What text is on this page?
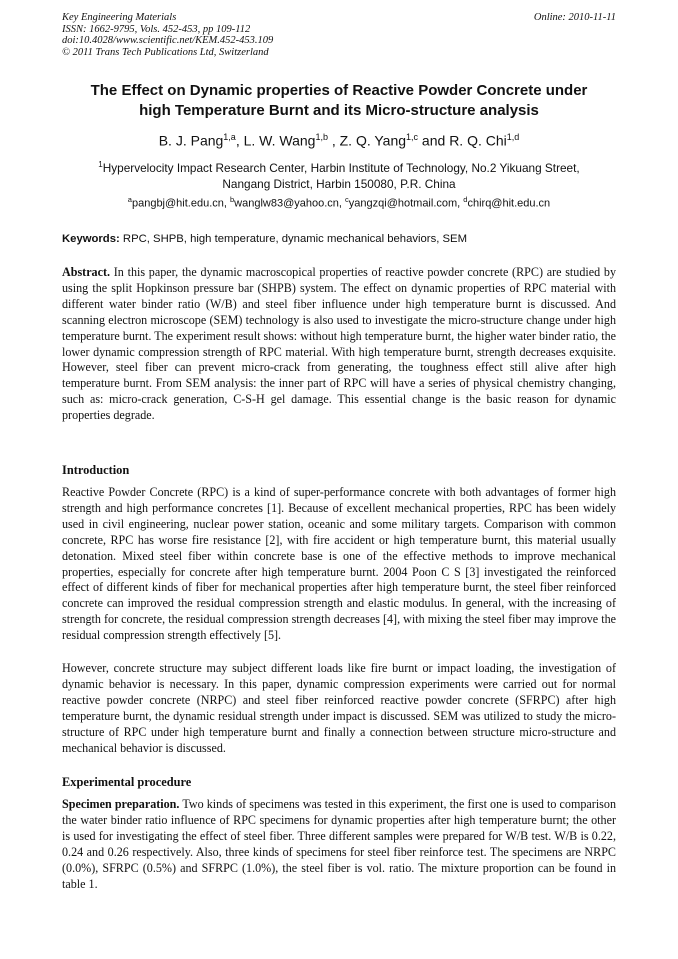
Key Engineering Materials
ISSN: 1662-9795, Vols. 452-453, pp 109-112
doi:10.4028/www.scientific.net/KEM.452-453.109
© 2011 Trans Tech Publications Ltd, Switzerland
Online: 2010-11-11
The Effect on Dynamic properties of Reactive Powder Concrete under
high Temperature Burnt and its Micro-structure analysis
B. J. Pang$^{1,a}$, L. W. Wang$^{1,b}$ , Z. Q. Yang$^{1,c}$ and R. Q. Chi$^{1,d}$
$^1$Hypervelocity Impact Research Center, Harbin Institute of Technology, No.2 Yikuang Street,
Nangang District, Harbin 150080, P.R. China
$^a$pangbj@hit.edu.cn, $^b$wanglw83@yahoo.cn, $^c$yangzqi@hotmail.com, $^d$chirq@hit.edu.cn
Keywords: RPC, SHPB, high temperature, dynamic mechanical behaviors, SEM
Abstract. In this paper, the dynamic macroscopical properties of reactive powder concrete (RPC) are studied by using the split Hopkinson pressure bar (SHPB) system. The effect on dynamic properties of RPC material with different water binder ratio (W/B) and steel fiber influence under high temperature burnt is discussed. And scanning electron microscope (SEM) technology is also used to investigate the micro-structure change under high temperature burnt. The experiment result shows: without high temperature burnt, the higher water binder ratio, the lower dynamic compression strength of RPC material. With high temperature burnt, strength decreases exquisite. However, steel fiber can prevent micro-crack from generating, the toughness effect still alive after high temperature burnt. From SEM analysis: the inner part of RPC will have a series of physical chemistry changing, such as: micro-crack generation, C-S-H gel damage. This essential change is the basic reason for dynamic properties degrade.
Introduction
Reactive Powder Concrete (RPC) is a kind of super-performance concrete with both advantages of former high strength and high performance concretes [1]. Because of excellent mechanical properties, RPC has been widely used in civil engineering, nuclear power station, oceanic and some military targets. Comparison with common concrete, RPC has worse fire resistance [2], with fire accident or high temperature burnt, this material usually detonation. Mixed steel fiber within concrete base is one of the effective methods to improve mechanical properties, especially for concrete after high temperature burnt. 2004 Poon C S [3] investigated the reinforced effect of different kinds of fiber for mechanical properties after high temperature burnt, the steel fiber reinforced concrete can improved the residual compression strength and elastic modulus. In general, with the increasing of strength for concrete, the residual compression strength decreases [4], with mixing the steel fiber may improve the residual compression strength effectively [5].
However, concrete structure may subject different loads like fire burnt or impact loading, the investigation of dynamic behavior is necessary. In this paper, dynamic compression experiments were carried out for normal reactive powder concrete (NRPC) and steel fiber reinforced reactive powder concrete (SFRPC) after high temperature burnt, the dynamic residual strength under impact is discussed. SEM was utilized to study the micro-structure of RPC under high temperature burnt and finally a connection between structure micro-structure and mechanical behavior is discussed.
Experimental procedure
Specimen preparation. Two kinds of specimens was tested in this experiment, the first one is used to comparison the water binder ratio influence of RPC specimens for dynamic properties after high temperature burnt; the other is used for investigating the effect of steel fiber. Three different samples were prepared for W/B test. W/B is 0.22, 0.24 and 0.26 respectively. Also, three kinds of specimens for steel fiber reinforce test. The specimens are NRPC (0.0%), SFRPC (0.5%) and SFRPC (1.0%), the steel fiber is vol. ratio. The mixture proportion can be found in table 1.
